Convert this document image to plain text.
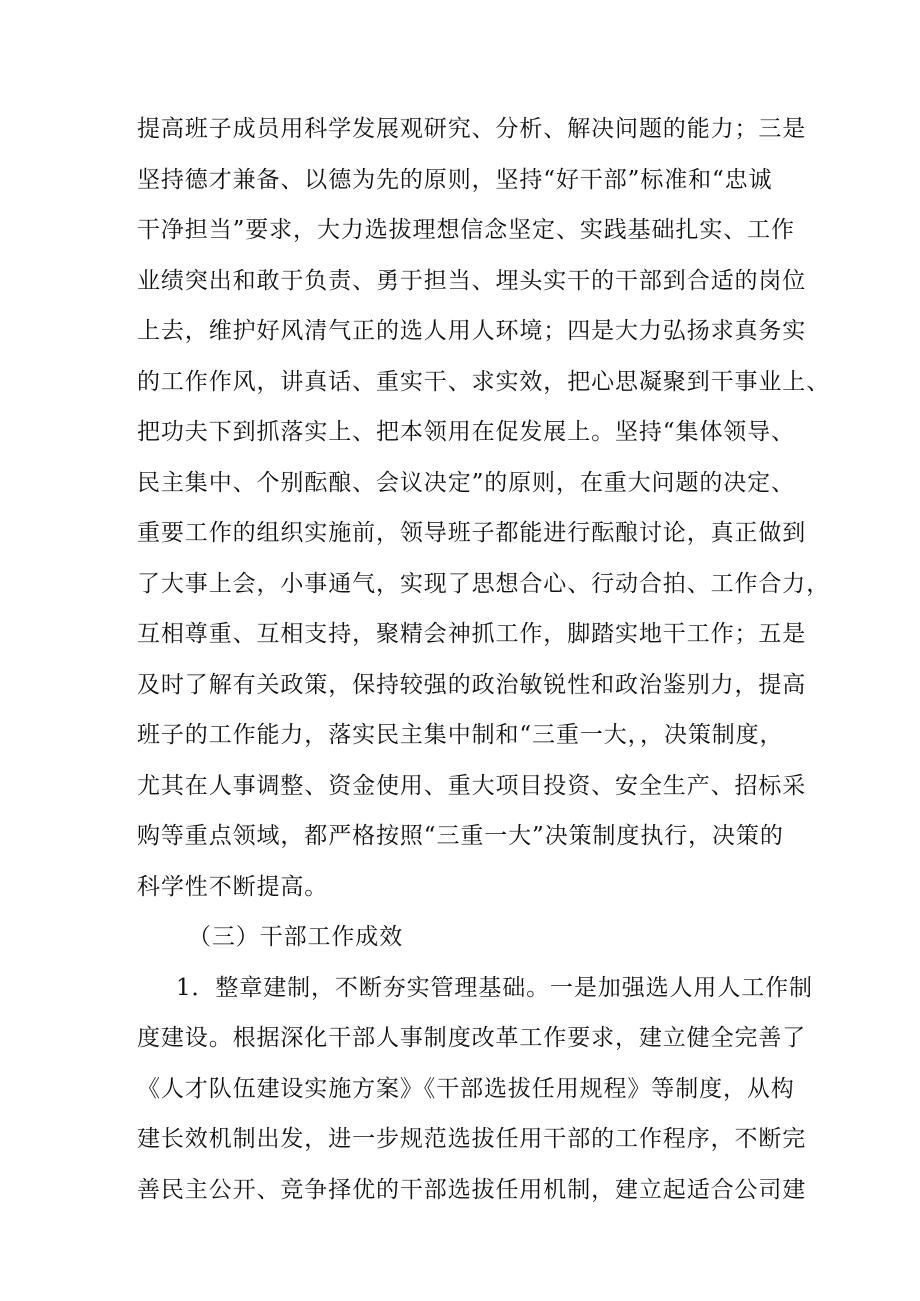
提高班子成员用科学发展观研究、分析、解决问题的能力；三是
坚持德才兼备、以德为先的原则，坚持“好干部”标准和“忠诚
干净担当”要求，大力选拔理想信念坚定、实践基础扎实、工作
业绩突出和敢于负责、勇于担当、埋头实干的干部到合适的岗位
上去，维护好风清气正的选人用人环境；四是大力弘扬求真务实
的工作作风，讲真话、重实干、求实效，把心思凝聚到干事业上、
把功夫下到抓落实上、把本领用在促发展上。坚持“集体领导、
民主集中、个别酝酿、会议决定”的原则，在重大问题的决定、
重要工作的组织实施前，领导班子都能进行酝酿讨论，真正做到
了大事上会，小事通气，实现了思想合心、行动合拍、工作合力，
互相尊重、互相支持，聚精会神抓工作，脚踏实地干工作；五是
及时了解有关政策，保持较强的政治敏锐性和政治鉴别力，提高
班子的工作能力，落实民主集中制和“三重一大，，决策制度，
尤其在人事调整、资金使用、重大项目投资、安全生产、招标采
购等重点领域，都严格按照“三重一大”决策制度执行，决策的
科学性不断提高。
（三）干部工作成效
1．整章建制，不断夯实管理基础。一是加强选人用人工作制
度建设。根据深化干部人事制度改革工作要求，建立健全完善了
《人才队伍建设实施方案》《干部选拔任用规程》等制度，从构
建长效机制出发，进一步规范选拔任用干部的工作程序，不断完
善民主公开、竞争择优的干部选拔任用机制，建立起适合公司建
